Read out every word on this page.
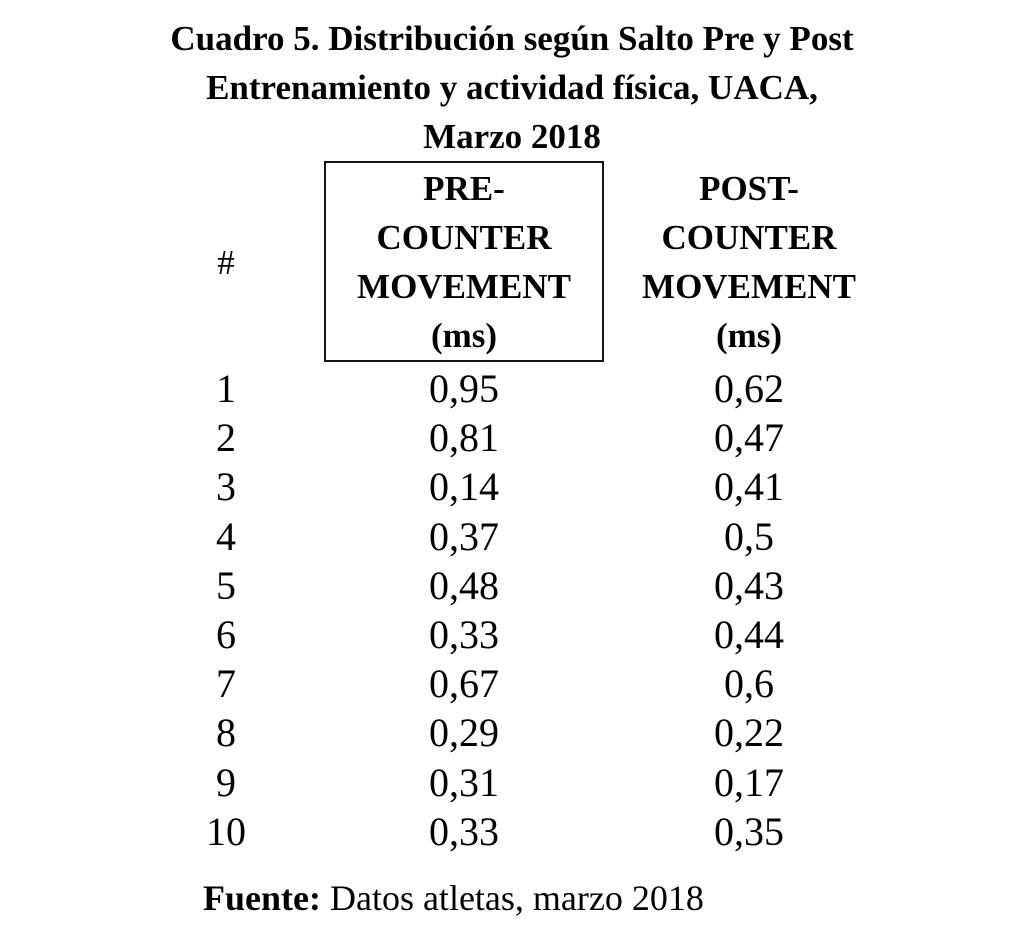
Cuadro 5. Distribución según Salto Pre y Post
Entrenamiento y actividad física, UACA,
Marzo 2018
#
PRE-
COUNTER
MOVEMENT
(ms)
POST-
COUNTER
MOVEMENT
(ms)
1	0,95	0,62
2	0,81	0,47
3	0,14	0,41
4	0,37	0,5
5	0,48	0,43
6	0,33	0,44
7	0,67	0,6
8	0,29	0,22
9	0,31	0,17
10	0,33	0,35
Fuente: Datos atletas, marzo 2018
